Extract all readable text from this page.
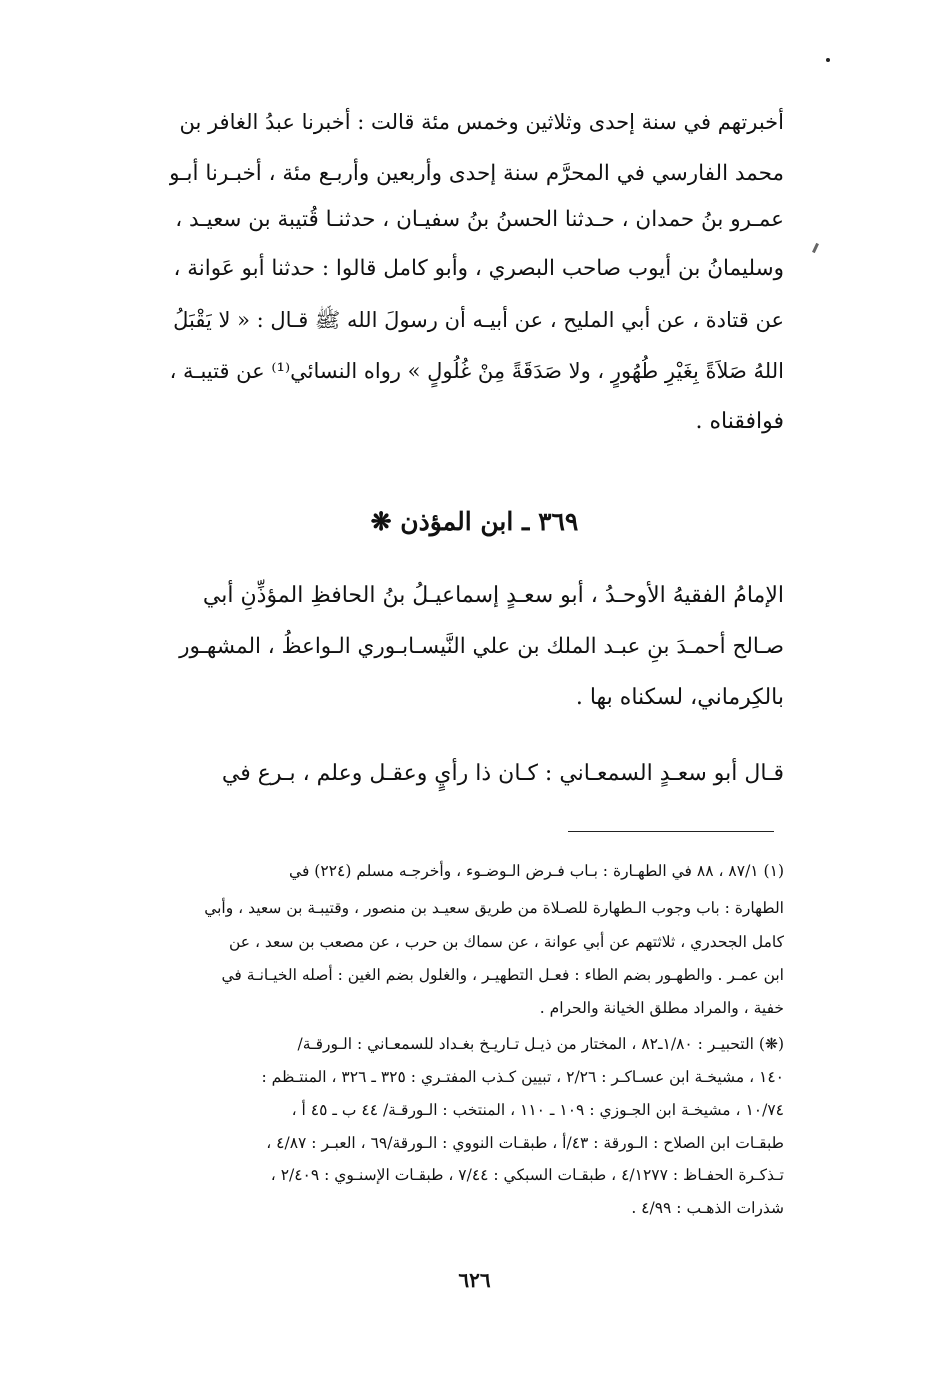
أخبرتهم في سنة إحدى وثلاثين وخمس مئة قالت : أخبرنا عبدُ الغافر بن
محمد الفارسي في المحرَّم سنة إحدى وأربعين وأربـع مئة ، أخبـرنا أبـو
عمـرو بنُ حمدان ، حـدثنا الحسنُ بنُ سفيـان ، حدثنـا قُتيبة بن سعيـد ،
وسليمانُ بن أيوب صاحب البصري ، وأبو كامل قالوا : حدثنا أبو عَوانة ،
عن قتادة ، عن أبي المليح ، عن أبيـه أن رسولَ الله ﷺ قـال : « لا يَقْبَلُ
اللهُ صَلاَةً بِغَيْرِ طُهُورٍ ، ولا صَدَقَةً مِنْ غُلُولٍ » رواه النسائي⁽¹⁾ عن قتيبـة ،
فوافقناه .
٣٦٩ ـ ابن المؤذن ❋
الإمامُ الفقيهُ الأوحـدُ ، أبو سعـدٍ إسماعيـلُ بنُ الحافظِ المؤذِّنِ أبي
صـالح أحمـدَ بنِ عبـد الملك بن علي النَّيسـابـوري الـواعظُ ، المشهـور
بالكِرماني، لسكناه بها .
قـال أبو سعـدٍ السمعـاني : كـان ذا رأيٍ وعقـل وعلم ، بـرع في
(١) ٨٧/١ ، ٨٨ في الطهـارة : بـاب فـرض الـوضـوء ، وأخرجـه مسلم (٢٢٤) في
الطهارة : باب وجوب الـطهارة للصـلاة من طريق سعيـد بن منصور ، وقتيبـة بن سعيد ، وأبي
كامل الجحدري ، ثلاثتهم عن أبي عوانة ، عن سماك بن حرب ، عن مصعب بن سعد ، عن
ابن عمـر . والطهـور بضم الطاء : فعـل التطهيـر ، والغلول بضم الغين : أصله الخيـانـة في
خفية ، والمراد مطلق الخيانة والحرام .
(❋) التحبيـر : ١/٨٠ـ٨٢ ، المختار من ذيـل تـاريـخ بغـداد للسمعـاني : الـورقـة/
١٤٠ ، مشيخـة ابن عسـاكـر : ٢/٢٦ ، تبيين كـذب المفتـري : ٣٢٥ ـ ٣٢٦ ، المنتـظم :
١٠/٧٤ ، مشيخـة ابن الجـوزي : ١٠٩ ـ ١١٠ ، المنتخب : الـورقـة/ ٤٤ ب ـ ٤٥ أ ،
طبقـات ابن الصلاح : الـورقة : ٤٣/أ ، طبقـات النووي : الـورقة/٦٩ ، العبـر : ٤/٨٧ ،
تـذكـرة الحفـاظ : ٤/١٢٧٧ ، طبقـات السبكي : ٧/٤٤ ، طبقـات الإسنـوي : ٢/٤٠٩ ،
شذرات الذهـب : ٤/٩٩ .
٦٢٦
